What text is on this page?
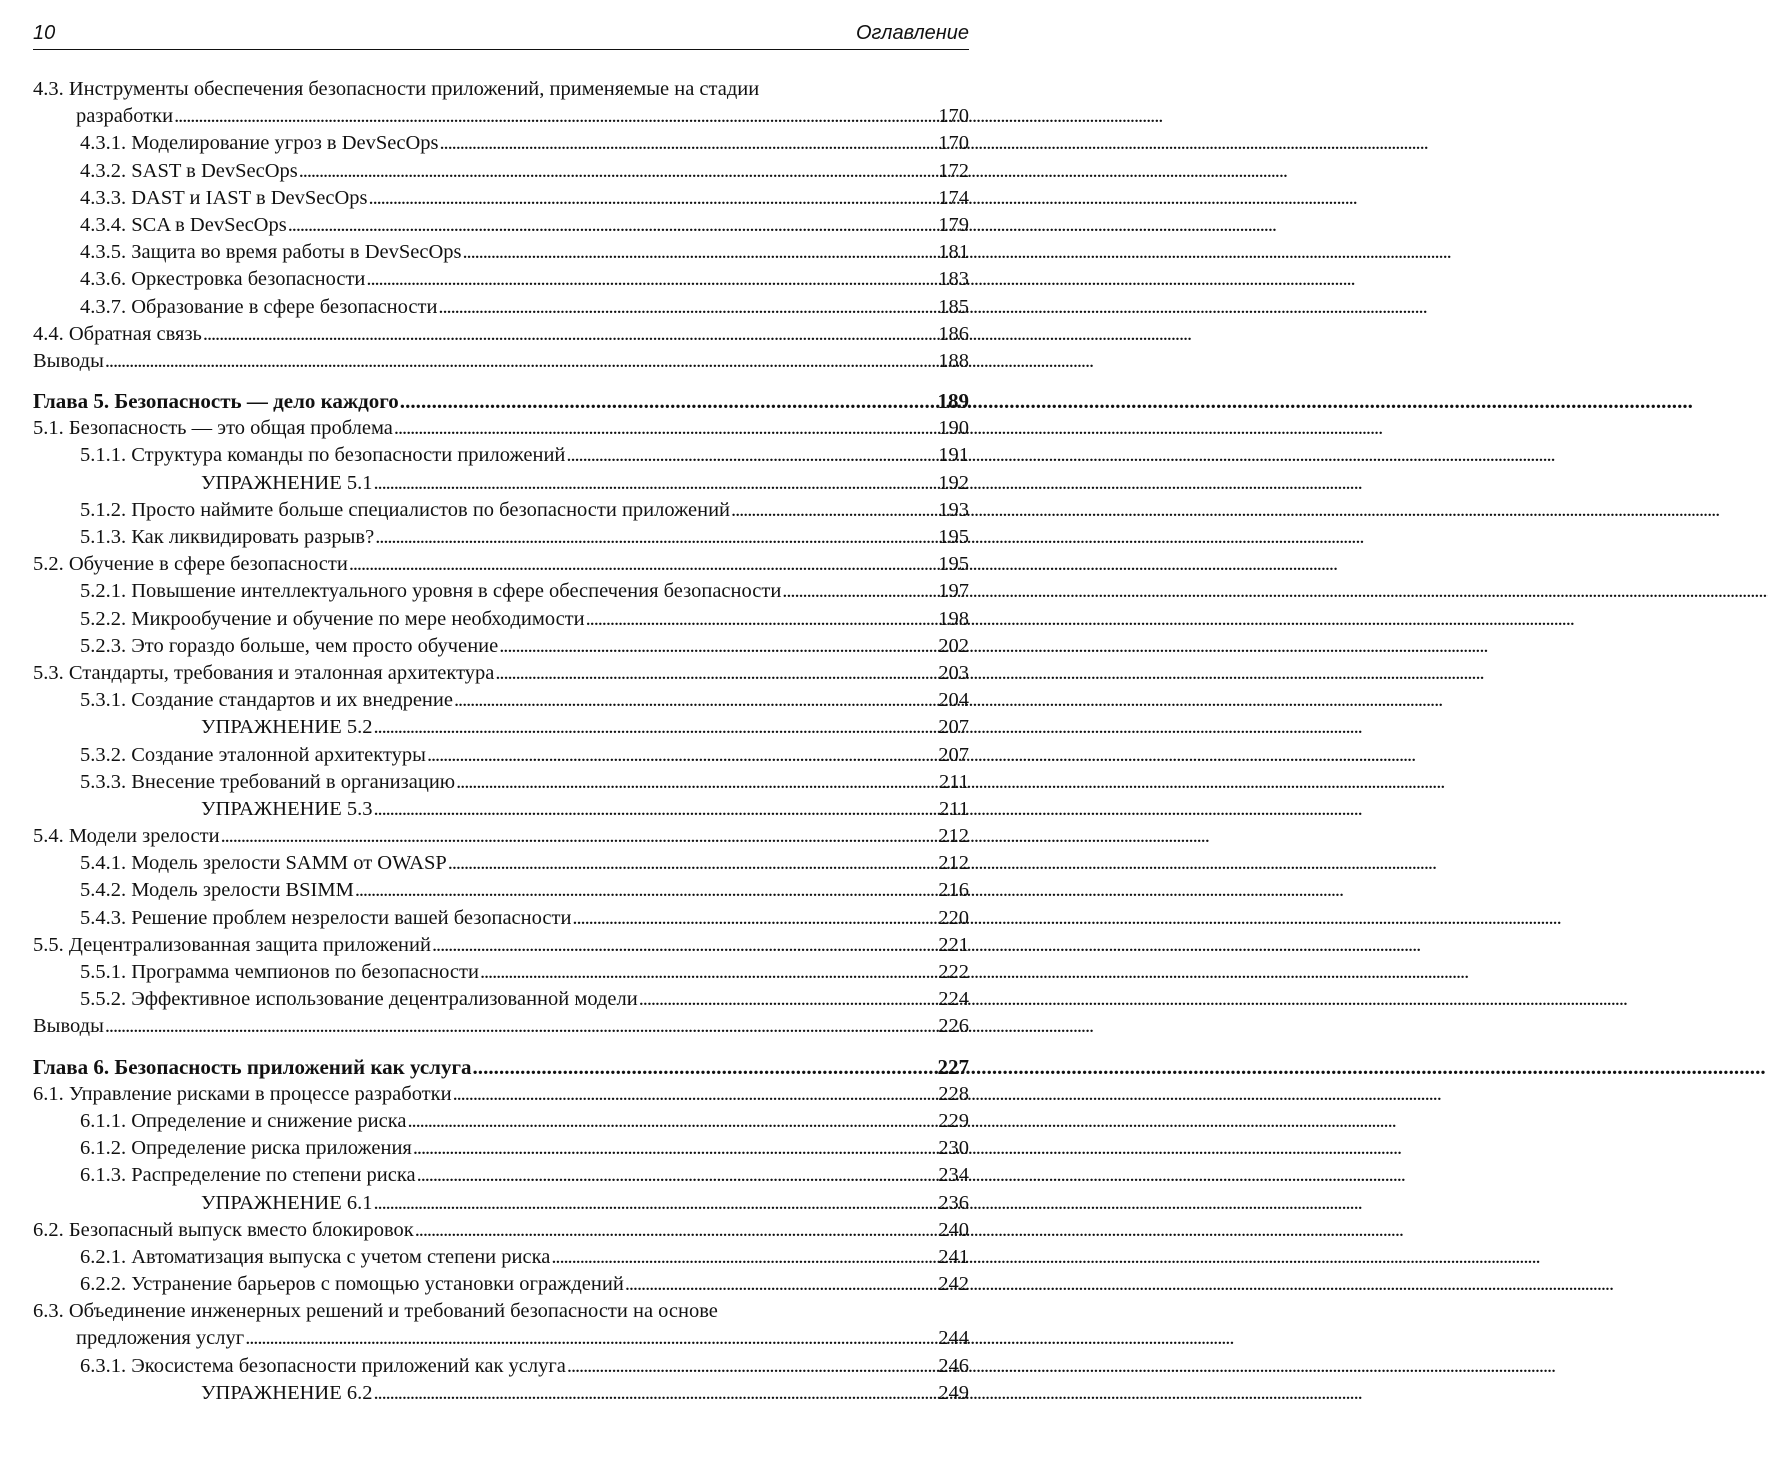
10	Оглавление
4.3. Инструменты обеспечения безопасности приложений, применяемые на стадии
разработки . . .	170
4.3.1. Моделирование угроз в DevSecOps . . .	170
4.3.2. SAST в DevSecOps . . .	172
4.3.3. DAST и IAST в DevSecOps . . .	174
4.3.4. SCA в DevSecOps . . .	179
4.3.5. Защита во время работы в DevSecOps . . .	181
4.3.6. Оркестровка безопасности . . .	183
4.3.7. Образование в сфере безопасности . . .	185
4.4. Обратная связь . . .	186
Выводы . . .	188
Глава 5. Безопасность — дело каждого . . .	189
5.1. Безопасность — это общая проблема . . .	190
5.1.1. Структура команды по безопасности приложений . . .	191
УПРАЖНЕНИЕ 5.1 . . .	192
5.1.2. Просто наймите больше специалистов по безопасности приложений . . .	193
5.1.3. Как ликвидировать разрыв? . . .	195
5.2. Обучение в сфере безопасности . . .	195
5.2.1. Повышение интеллектуального уровня в сфере обеспечения безопасности . . .	197
5.2.2. Микрообучение и обучение по мере необходимости . . .	198
5.2.3. Это гораздо больше, чем просто обучение . . .	202
5.3. Стандарты, требования и эталонная архитектура . . .	203
5.3.1. Создание стандартов и их внедрение . . .	204
УПРАЖНЕНИЕ 5.2 . . .	207
5.3.2. Создание эталонной архитектуры . . .	207
5.3.3. Внесение требований в организацию . . .	211
УПРАЖНЕНИЕ 5.3 . . .	211
5.4. Модели зрелости . . .	212
5.4.1. Модель зрелости SAMM от OWASP . . .	212
5.4.2. Модель зрелости BSIMM . . .	216
5.4.3. Решение проблем незрелости вашей безопасности . . .	220
5.5. Децентрализованная защита приложений . . .	221
5.5.1. Программа чемпионов по безопасности . . .	222
5.5.2. Эффективное использование децентрализованной модели . . .	224
Выводы . . .	226
Глава 6. Безопасность приложений как услуга . . .	227
6.1. Управление рисками в процессе разработки . . .	228
6.1.1. Определение и снижение риска . . .	229
6.1.2. Определение риска приложения . . .	230
6.1.3. Распределение по степени риска . . .	234
УПРАЖНЕНИЕ 6.1 . . .	236
6.2. Безопасный выпуск вместо блокировок . . .	240
6.2.1. Автоматизация выпуска с учетом степени риска . . .	241
6.2.2. Устранение барьеров с помощью установки ограждений . . .	242
6.3. Объединение инженерных решений и требований безопасности на основе
предложения услуг . . .	244
6.3.1. Экосистема безопасности приложений как услуга . . .	246
УПРАЖНЕНИЕ 6.2 . . .	249
